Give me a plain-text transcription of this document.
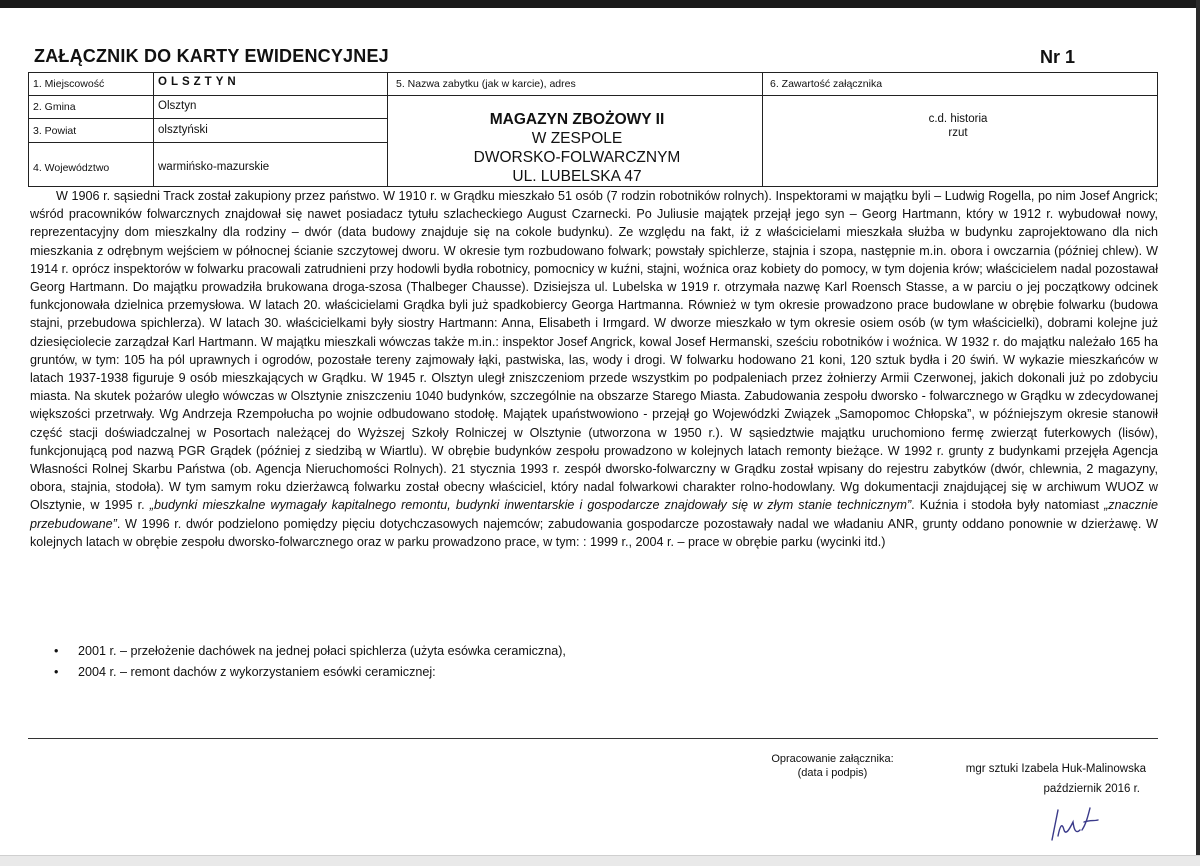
ZAŁĄCZNIK DO KARTY EWIDENCYJNEJ	Nr 1
1. Miejscowość	OLSZTYN
2. Gmina	Olsztyn
3. Powiat	olsztyński
4. Województwo	warmińsko-mazurskie
5. Nazwa zabytku (jak w karcie), adres
MAGAZYN ZBOŻOWY II
W ZESPOLE
DWORSKO-FOLWARCZNYM
UL. LUBELSKA 47
6. Zawartość załącznika
c.d. historia
rzut

W 1906 r. sąsiedni Track został zakupiony przez państwo. W 1910 r. w Grądku mieszkało 51 osób (7 rodzin robotników rolnych). Inspektorami w majątku byli – Ludwig Rogella, po nim Josef Angrick; wśród pracowników folwarcznych znajdował się nawet posiadacz tytułu szlacheckiego August Czarnecki. Po Juliusie majątek przejął jego syn – Georg Hartmann, który w 1912 r. wybudował nowy, reprezentacyjny dom mieszkalny dla rodziny – dwór (data budowy znajduje się na cokole budynku). Ze względu na fakt, iż z właścicielami mieszkała służba w budynku zaprojektowano dla nich mieszkania z odrębnym wejściem w północnej ścianie szczytowej dworu. W okresie tym rozbudowano folwark; powstały spichlerze, stajnia i szopa, następnie m.in. obora i owczarnia (później chlew). W 1914 r. oprócz inspektorów w folwarku pracowali zatrudnieni przy hodowli bydła robotnicy, pomocnicy w kuźni, stajni, woźnica oraz kobiety do pomocy, w tym dojenia krów; właścicielem nadal pozostawał Georg Hartmann. Do majątku prowadziła brukowana droga-szosa (Thalbeger Chausse). Dzisiejsza ul. Lubelska w 1919 r. otrzymała nazwę Karl Roensch Stasse, a w parciu o jej początkowy odcinek funkcjonowała dzielnica przemysłowa. W latach 20. właścicielami Grądka byli już spadkobiercy Georga Hartmanna. Również w tym okresie prowadzono prace budowlane w obrębie folwarku (budowa stajni, przebudowa spichlerza). W latach 30. właścicielkami były siostry Hartmann: Anna, Elisabeth i Irmgard. W dworze mieszkało w tym okresie osiem osób (w tym właścicielki), dobrami kolejne już dziesięciolecie zarządzał Karl Hartmann. W majątku mieszkali wówczas także m.in.: inspektor Josef Angrick, kowal Josef Hermanski, sześciu robotników i woźnica. W 1932 r. do majątku należało 165 ha gruntów, w tym: 105 ha pól uprawnych i ogrodów, pozostałe tereny zajmowały łąki, pastwiska, las, wody i drogi. W folwarku hodowano 21 koni, 120 sztuk bydła i 20 świń. W wykazie mieszkańców w latach 1937-1938 figuruje 9 osób mieszkających w Grądku. W 1945 r. Olsztyn uległ zniszczeniom przede wszystkim po podpaleniach przez żołnierzy Armii Czerwonej, jakich dokonali już po zdobyciu miasta. Na skutek pożarów uległo wówczas w Olsztynie zniszczeniu 1040 budynków, szczególnie na obszarze Starego Miasta. Zabudowania zespołu dworsko - folwarcznego w Grądku w zdecydowanej większości przetrwały. Wg Andrzeja Rzempołucha po wojnie odbudowano stodołę. Majątek upaństwowiono - przejął go Wojewódzki Związek „Samopomoc Chłopska”, w późniejszym okresie stanowił część stacji doświadczalnej w Posortach należącej do Wyższej Szkoły Rolniczej w Olsztynie (utworzona w 1950 r.). W sąsiedztwie majątku uruchomiono fermę zwierząt futerkowych (lisów), funkcjonującą pod nazwą PGR Grądek (później z siedzibą w Wiartlu). W obrębie budynków zespołu prowadzono w kolejnych latach remonty bieżące. W 1992 r. grunty z budynkami przejęła Agencja Własności Rolnej Skarbu Państwa (ob. Agencja Nieruchomości Rolnych). 21 stycznia 1993 r. zespół dworsko-folwarczny w Grądku został wpisany do rejestru zabytków (dwór, chlewnia, 2 magazyny, obora, stajnia, stodoła). W tym samym roku dzierżawcą folwarku został obecny właściciel, który nadal folwarkowi charakter rolno-hodowlany. Wg dokumentacji znajdującej się w archiwum WUOZ w Olsztynie, w 1995 r. „budynki mieszkalne wymagały kapitalnego remontu, budynki inwentarskie i gospodarcze znajdowały się w złym stanie technicznym”. Kuźnia i stodoła były natomiast „znacznie przebudowane”. W 1996 r. dwór podzielono pomiędzy pięciu dotychczasowych najemców; zabudowania gospodarcze pozostawały nadal we władaniu ANR, grunty oddano ponownie w dzierżawę. W kolejnych latach w obrębie zespołu dworsko-folwarcznego oraz w parku prowadzono prace, w tym: : 1999 r., 2004 r. – prace w obrębie parku (wycinki itd.)

• 2001 r. – przełożenie dachówek na jednej połaci spichlerza (użyta esówka ceramiczna),
• 2004 r. – remont dachów z wykorzystaniem esówki ceramicznej:
Opracowanie załącznika:
(data i podpis)	mgr sztuki Izabela Huk-Malinowska
październik 2016 r.
